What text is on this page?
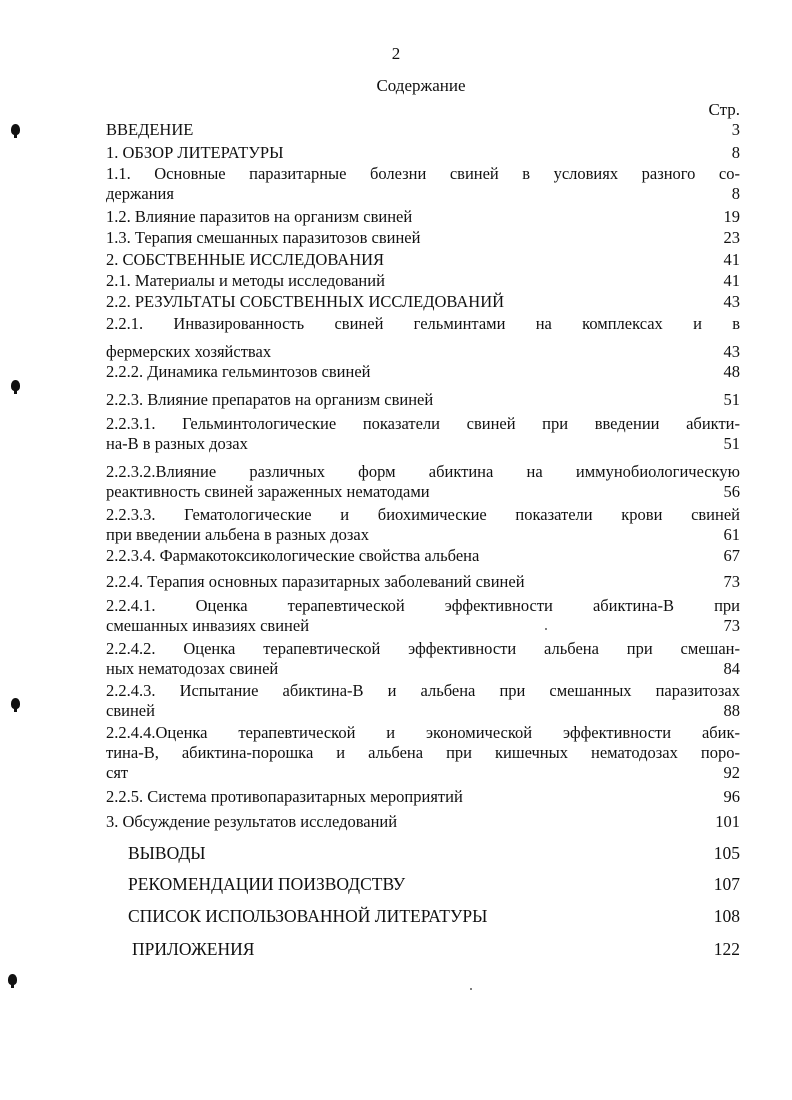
2
Содержание
Стр.
ВВЕДЕНИЕ	3
1. ОБЗОР ЛИТЕРАТУРЫ	8
1.1. Основные паразитарные болезни свиней в условиях разного со-
держания	8
1.2. Влияние паразитов на организм свиней	19
1.3. Терапия смешанных паразитозов свиней	23
2. СОБСТВЕННЫЕ ИССЛЕДОВАНИЯ	41
2.1. Материалы и методы исследований	41
2.2. РЕЗУЛЬТАТЫ СОБСТВЕННЫХ ИССЛЕДОВАНИЙ	43
2.2.1. Инвазированность свиней гельминтами на комплексах и в
фермерских хозяйствах	43
2.2.2. Динамика гельминтозов свиней	48
2.2.3. Влияние препаратов на организм свиней	51
2.2.3.1. Гельминтологические показатели свиней при введении абикти-
на-В в разных дозах	51
2.2.3.2.Влияние различных форм абиктина на иммунобиологическую
реактивность свиней зараженных нематодами	56
2.2.3.3. Гематологические и биохимические показатели крови свиней
при введении альбена в разных дозах	61
2.2.3.4. Фармакотоксикологические свойства альбена	67
2.2.4. Терапия основных паразитарных заболеваний свиней	73
2.2.4.1. Оценка терапевтической эффективности абиктина-В при
смешанных инвазиях свиней	73
2.2.4.2. Оценка терапевтической эффективности альбена при смешан-
ных нематодозах свиней	84
2.2.4.3. Испытание абиктина-В и альбена при смешанных паразитозах
свиней	88
2.2.4.4.Оценка терапевтической и экономической эффективности абик-
тина-В, абиктина-порошка и альбена при кишечных нематодозах поро-
сят	92
2.2.5. Система противопаразитарных мероприятий	96
3. Обсуждение результатов исследований	101
ВЫВОДЫ	105
РЕКОМЕНДАЦИИ ПОИЗВОДСТВУ	107
СПИСОК ИСПОЛЬЗОВАННОЙ ЛИТЕРАТУРЫ	108
ПРИЛОЖЕНИЯ	122
